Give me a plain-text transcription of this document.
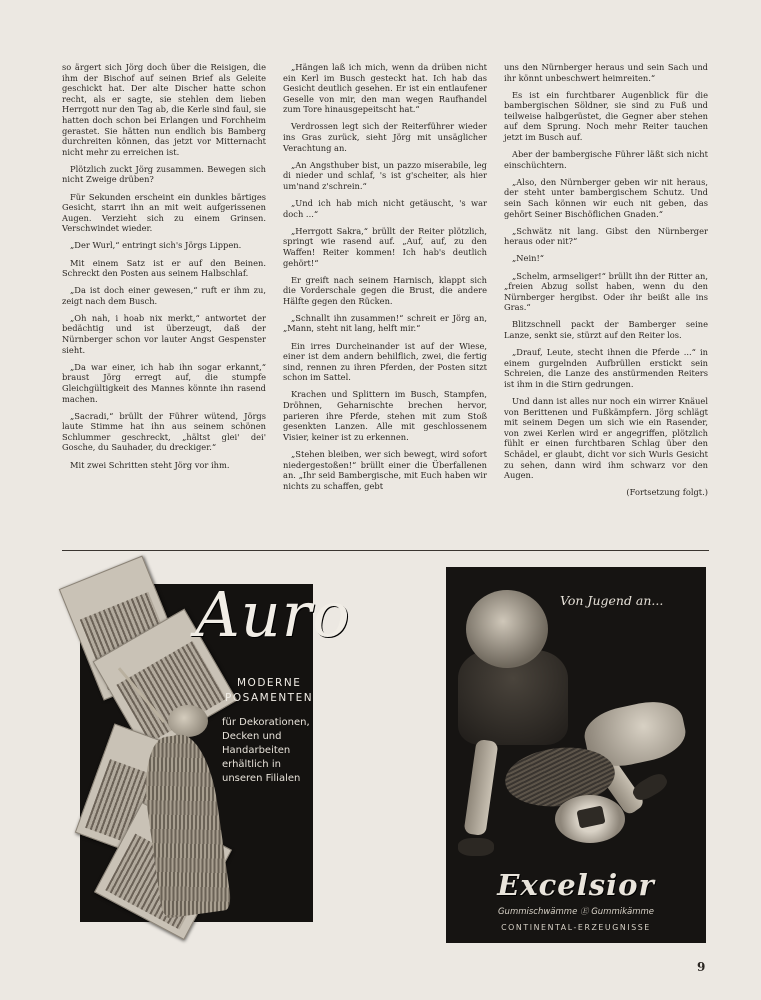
so ärgert sich Jörg doch über die Reisigen, die ihm der Bischof auf seinen Brief als Geleite geschickt hat. Der alte Discher hatte schon recht, als er sagte, sie stehlen dem lieben Herrgott nur den Tag ab, die Kerle sind faul, sie hatten doch schon bei Erlangen und Forchheim gerastet. Sie hätten nun endlich bis Bamberg durchreiten können, das jetzt vor Mitternacht nicht mehr zu erreichen ist.

Plötzlich zuckt Jörg zusammen. Bewegen sich nicht Zweige drüben?

Für Sekunden erscheint ein dunkles bärtiges Gesicht, starrt ihn an mit weit aufgerissenen Augen. Verzieht sich zu einem Grinsen. Verschwindet wieder.

„Der Wurl,“ entringt sich's Jörgs Lippen.

Mit einem Satz ist er auf den Beinen. Schreckt den Posten aus seinem Halbschlaf.

„Da ist doch einer gewesen,“ ruft er ihm zu, zeigt nach dem Busch.

„Oh nah, i hoab nix merkt,“ antwortet der bedächtig und ist überzeugt, daß der Nürnberger schon vor lauter Angst Gespenster sieht.

„Da war einer, ich hab ihn sogar erkannt,“ braust Jörg erregt auf, die stumpfe Gleichgültigkeit des Mannes könnte ihn rasend machen.

„Sacradi,“ brüllt der Führer wütend, Jörgs laute Stimme hat ihn aus seinem schönen Schlummer geschreckt, „hältst glei' dei' Gosche, du Sauhader, du dreckiger.“

Mit zwei Schritten steht Jörg vor ihm.

„Hängen laß ich mich, wenn da drüben nicht ein Kerl im Busch gesteckt hat. Ich hab das Gesicht deutlich gesehen. Er ist ein entlaufener Geselle von mir, den man wegen Raufhandel zum Tore hinausgepeitscht hat.“

Verdrossen legt sich der Reiterführer wieder ins Gras zurück, sieht Jörg mit unsäglicher Verachtung an.

„An Angsthuber bist, un pazzo miserabile, leg di nieder und schlaf, 's ist g'scheiter, als hier um'nand z'schrein.“

„Und ich hab mich nicht getäuscht, 's war doch ...“

„Herrgott Sakra,“ brüllt der Reiter plötzlich, springt wie rasend auf. „Auf, auf, zu den Waffen! Reiter kommen! Ich hab's deutlich gehört!“

Er greift nach seinem Harnisch, klappt sich die Vorderschale gegen die Brust, die andere Hälfte gegen den Rücken.

„Schnallt ihn zusammen!“ schreit er Jörg an, „Mann, steht nit lang, helft mir.“

Ein irres Durcheinander ist auf der Wiese, einer ist dem andern behilflich, zwei, die fertig sind, rennen zu ihren Pferden, der Posten sitzt schon im Sattel.

Krachen und Splittern im Busch, Stampfen, Dröhnen, Geharnischte brechen hervor, parieren ihre Pferde, stehen mit zum Stoß gesenkten Lanzen. Alle mit geschlossenem Visier, keiner ist zu erkennen.

„Stehen bleiben, wer sich bewegt, wird sofort niedergestoßen!“ brüllt einer die Überfallenen an. „Ihr seid Bambergische, mit Euch haben wir nichts zu schaffen, gebt

uns den Nürnberger heraus und sein Sach und ihr könnt unbeschwert heimreiten.“

Es ist ein furchtbarer Augenblick für die bambergischen Söldner, sie sind zu Fuß und teilweise halbgerüstet, die Gegner aber stehen auf dem Sprung. Noch mehr Reiter tauchen jetzt im Busch auf.

Aber der bambergische Führer läßt sich nicht einschüchtern.

„Also, den Nürnberger geben wir nit heraus, der steht unter bambergischem Schutz. Und sein Sach können wir euch nit geben, das gehört Seiner Bischöflichen Gnaden.“

„Schwätz nit lang. Gibst den Nürnberger heraus oder nit?“

„Nein!“

„Schelm, armseliger!“ brüllt ihn der Ritter an, „freien Abzug sollst haben, wenn du den Nürnberger hergibst. Oder ihr beißt alle ins Gras.“

Blitzschnell packt der Bamberger seine Lanze, senkt sie, stürzt auf den Reiter los.

„Drauf, Leute, stecht ihnen die Pferde ...“ in einem gurgelnden Aufbrüllen erstickt sein Schreien, die Lanze des anstürmenden Reiters ist ihm in die Stirn gedrungen.

Und dann ist alles nur noch ein wirrer Knäuel von Berittenen und Fußkämpfern. Jörg schlägt mit seinem Degen um sich wie ein Rasender, von zwei Kerlen wird er angegriffen, plötzlich fühlt er einen furchtbaren Schlag über den Schädel, er glaubt, dicht vor sich Wurls Gesicht zu sehen, dann wird ihm schwarz vor den Augen.

(Fortsetzung folgt.)

Auro
MODERNE
POSAMENTEN
für Dekorationen, Decken und Handarbeiten erhältlich in unseren Filialen
Von Jugend an...
Excelsior
Gummischwämme Ⓔ Gummikämme
CONTINENTAL-ERZEUGNISSE
9
